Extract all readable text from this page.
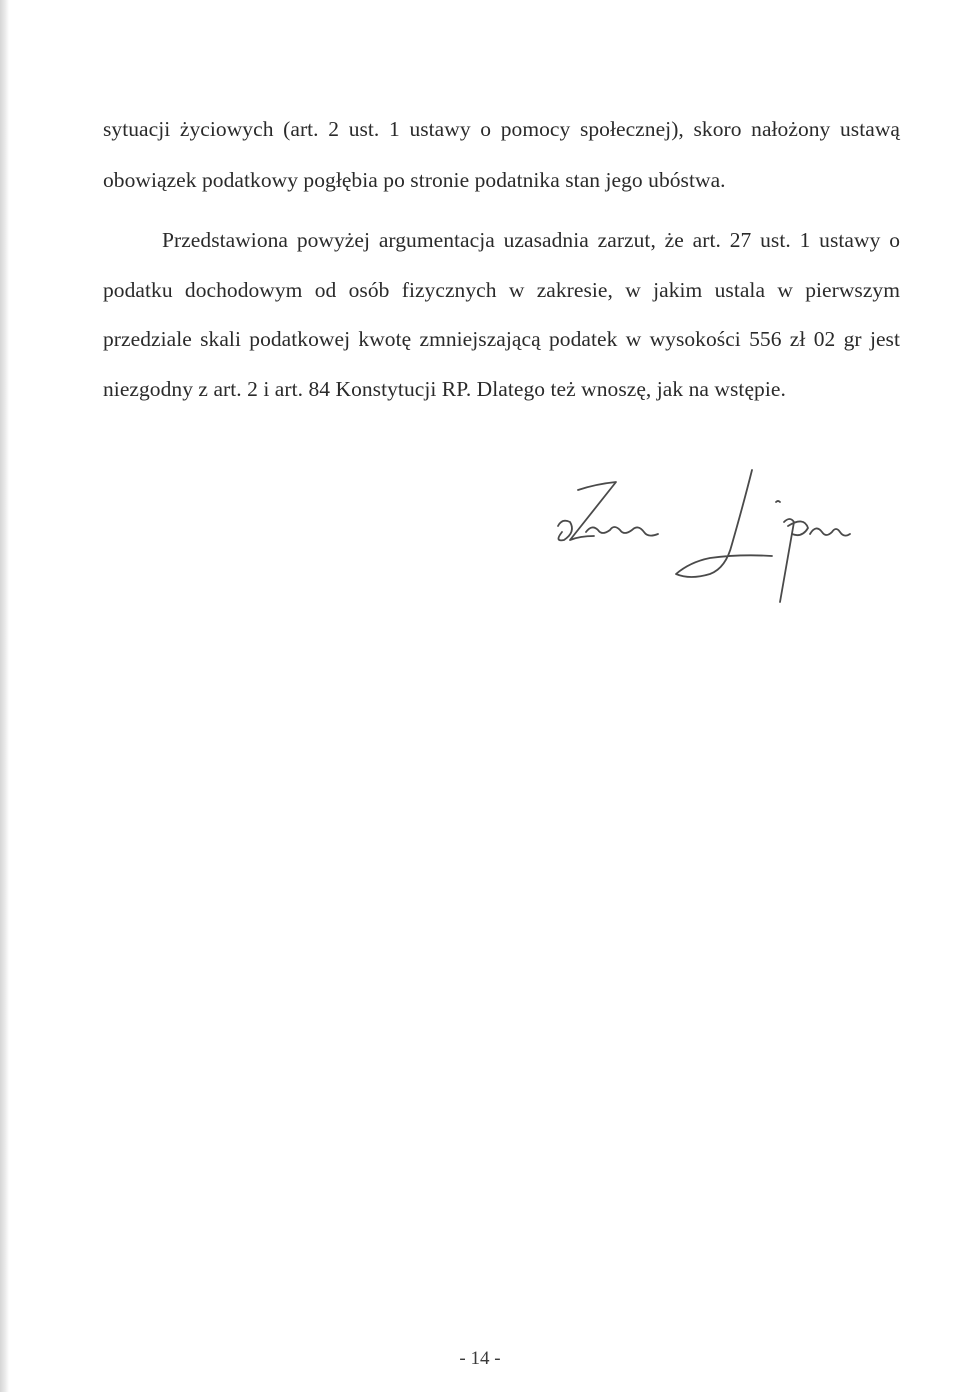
sytuacji życiowych (art. 2 ust. 1 ustawy o pomocy społecznej), skoro nałożony ustawą
obowiązek podatkowy pogłębia po stronie podatnika stan jego ubóstwa.
Przedstawiona powyżej argumentacja uzasadnia zarzut, że art. 27 ust. 1 ustawy o
podatku dochodowym od osób fizycznych w zakresie, w jakim ustala w pierwszym
przedziale skali podatkowej kwotę zmniejszającą podatek w wysokości 556 zł 02 gr jest
niezgodny z art. 2 i art. 84 Konstytucji RP. Dlatego też wnoszę, jak na wstępie.
- 14 -
